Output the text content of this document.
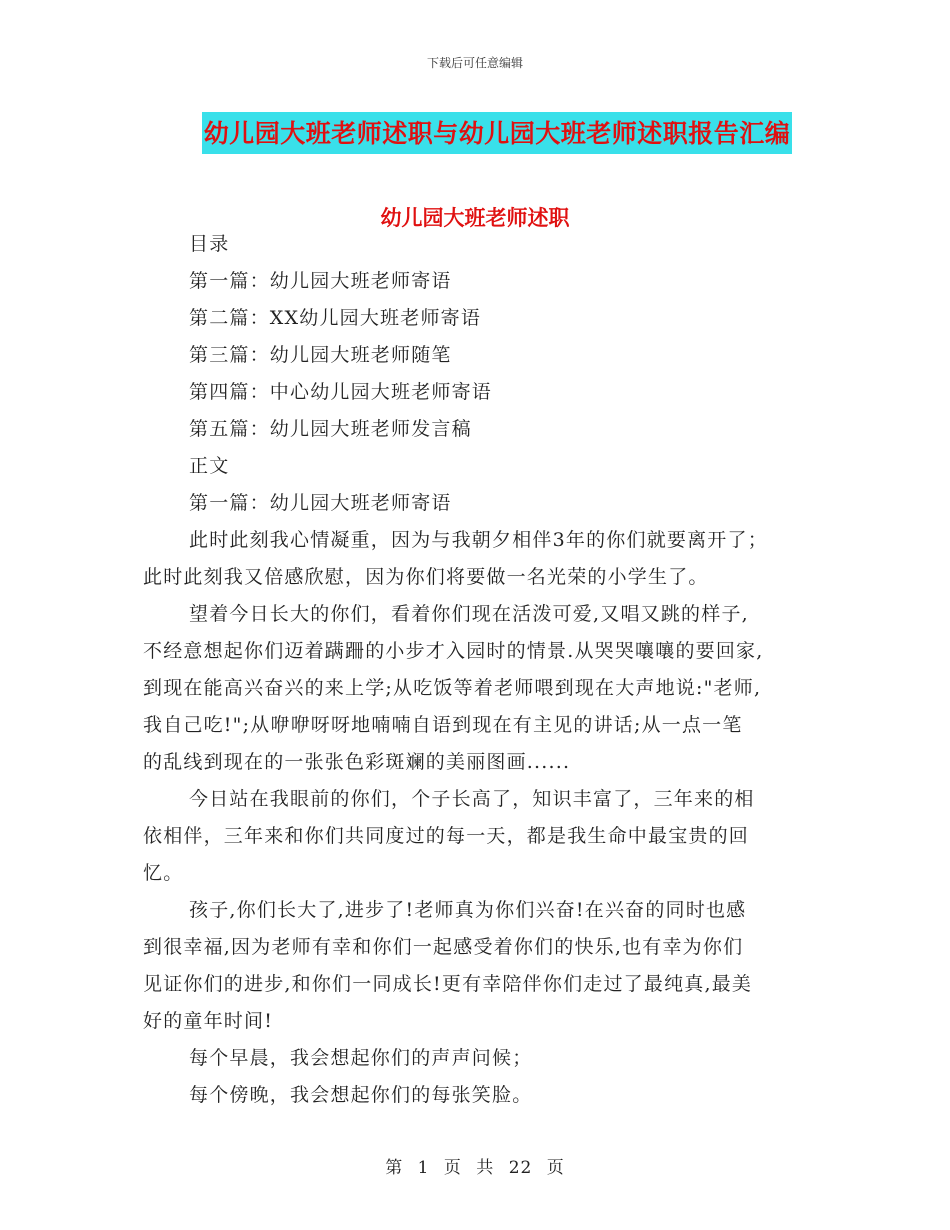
下载后可任意编辑
幼儿园大班老师述职与幼儿园大班老师述职报告汇编
幼儿园大班老师述职
目录
第一篇：幼儿园大班老师寄语
第二篇：XX幼儿园大班老师寄语
第三篇：幼儿园大班老师随笔
第四篇：中心幼儿园大班老师寄语
第五篇：幼儿园大班老师发言稿
正文
第一篇：幼儿园大班老师寄语
此时此刻我心情凝重，因为与我朝夕相伴3年的你们就要离开了；
此时此刻我又倍感欣慰，因为你们将要做一名光荣的小学生了。
望着今日长大的你们，看着你们现在活泼可爱,又唱又跳的样子,
不经意想起你们迈着蹒跚的小步才入园时的情景.从哭哭嚷嚷的要回家,
到现在能高兴奋兴的来上学;从吃饭等着老师喂到现在大声地说:"老师,
我自己吃!";从咿咿呀呀地喃喃自语到现在有主见的讲话;从一点一笔
的乱线到现在的一张张色彩斑斓的美丽图画......
今日站在我眼前的你们，个子长高了，知识丰富了，三年来的相
依相伴，三年来和你们共同度过的每一天，都是我生命中最宝贵的回
忆。
孩子,你们长大了,进步了!老师真为你们兴奋!在兴奋的同时也感
到很幸福,因为老师有幸和你们一起感受着你们的快乐,也有幸为你们
见证你们的进步,和你们一同成长!更有幸陪伴你们走过了最纯真,最美
好的童年时间!
每个早晨，我会想起你们的声声问候；
每个傍晚，我会想起你们的每张笑脸。
第 1 页 共 22 页
